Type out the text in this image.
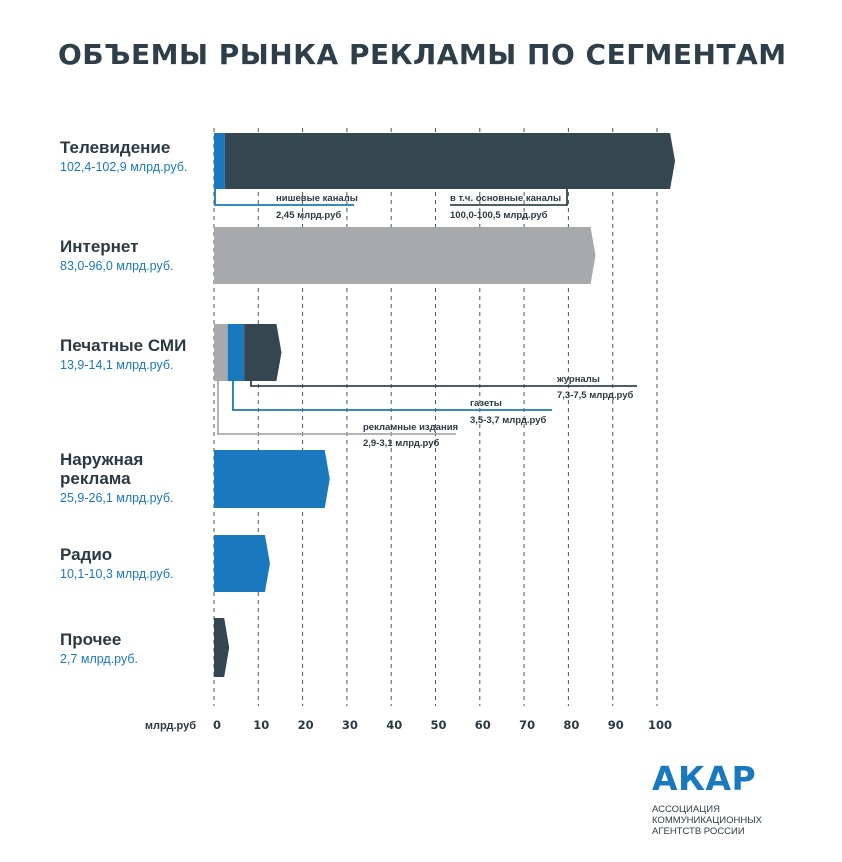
ОБЪЕМЫ РЫНКА РЕКЛАМЫ ПО СЕГМЕНТАМ
Телевидение
102,4-102,9 млрд.руб.
Интернет
83,0-96,0 млрд.руб.
Печатные СМИ
13,9-14,1 млрд.руб.
Наружная реклама
25,9-26,1 млрд.руб.
Радио
10,1-10,3 млрд.руб.
Прочее
2,7 млрд.руб.
нишевые каналы
2,45 млрд.руб
в т.ч. основные каналы
100,0-100,5 млрд.руб
журналы
7,3-7,5 млрд.руб
газеты
3,5-3,7 млрд.руб
рекламные издания
2,9-3,1 млрд.руб
0	10 20 30 40 50 60 70 80 90 100
млрд.руб
АКАР
АССОЦИАЦИЯ КОММУНИКАЦИОННЫХ АГЕНТСТВ РОССИИ
